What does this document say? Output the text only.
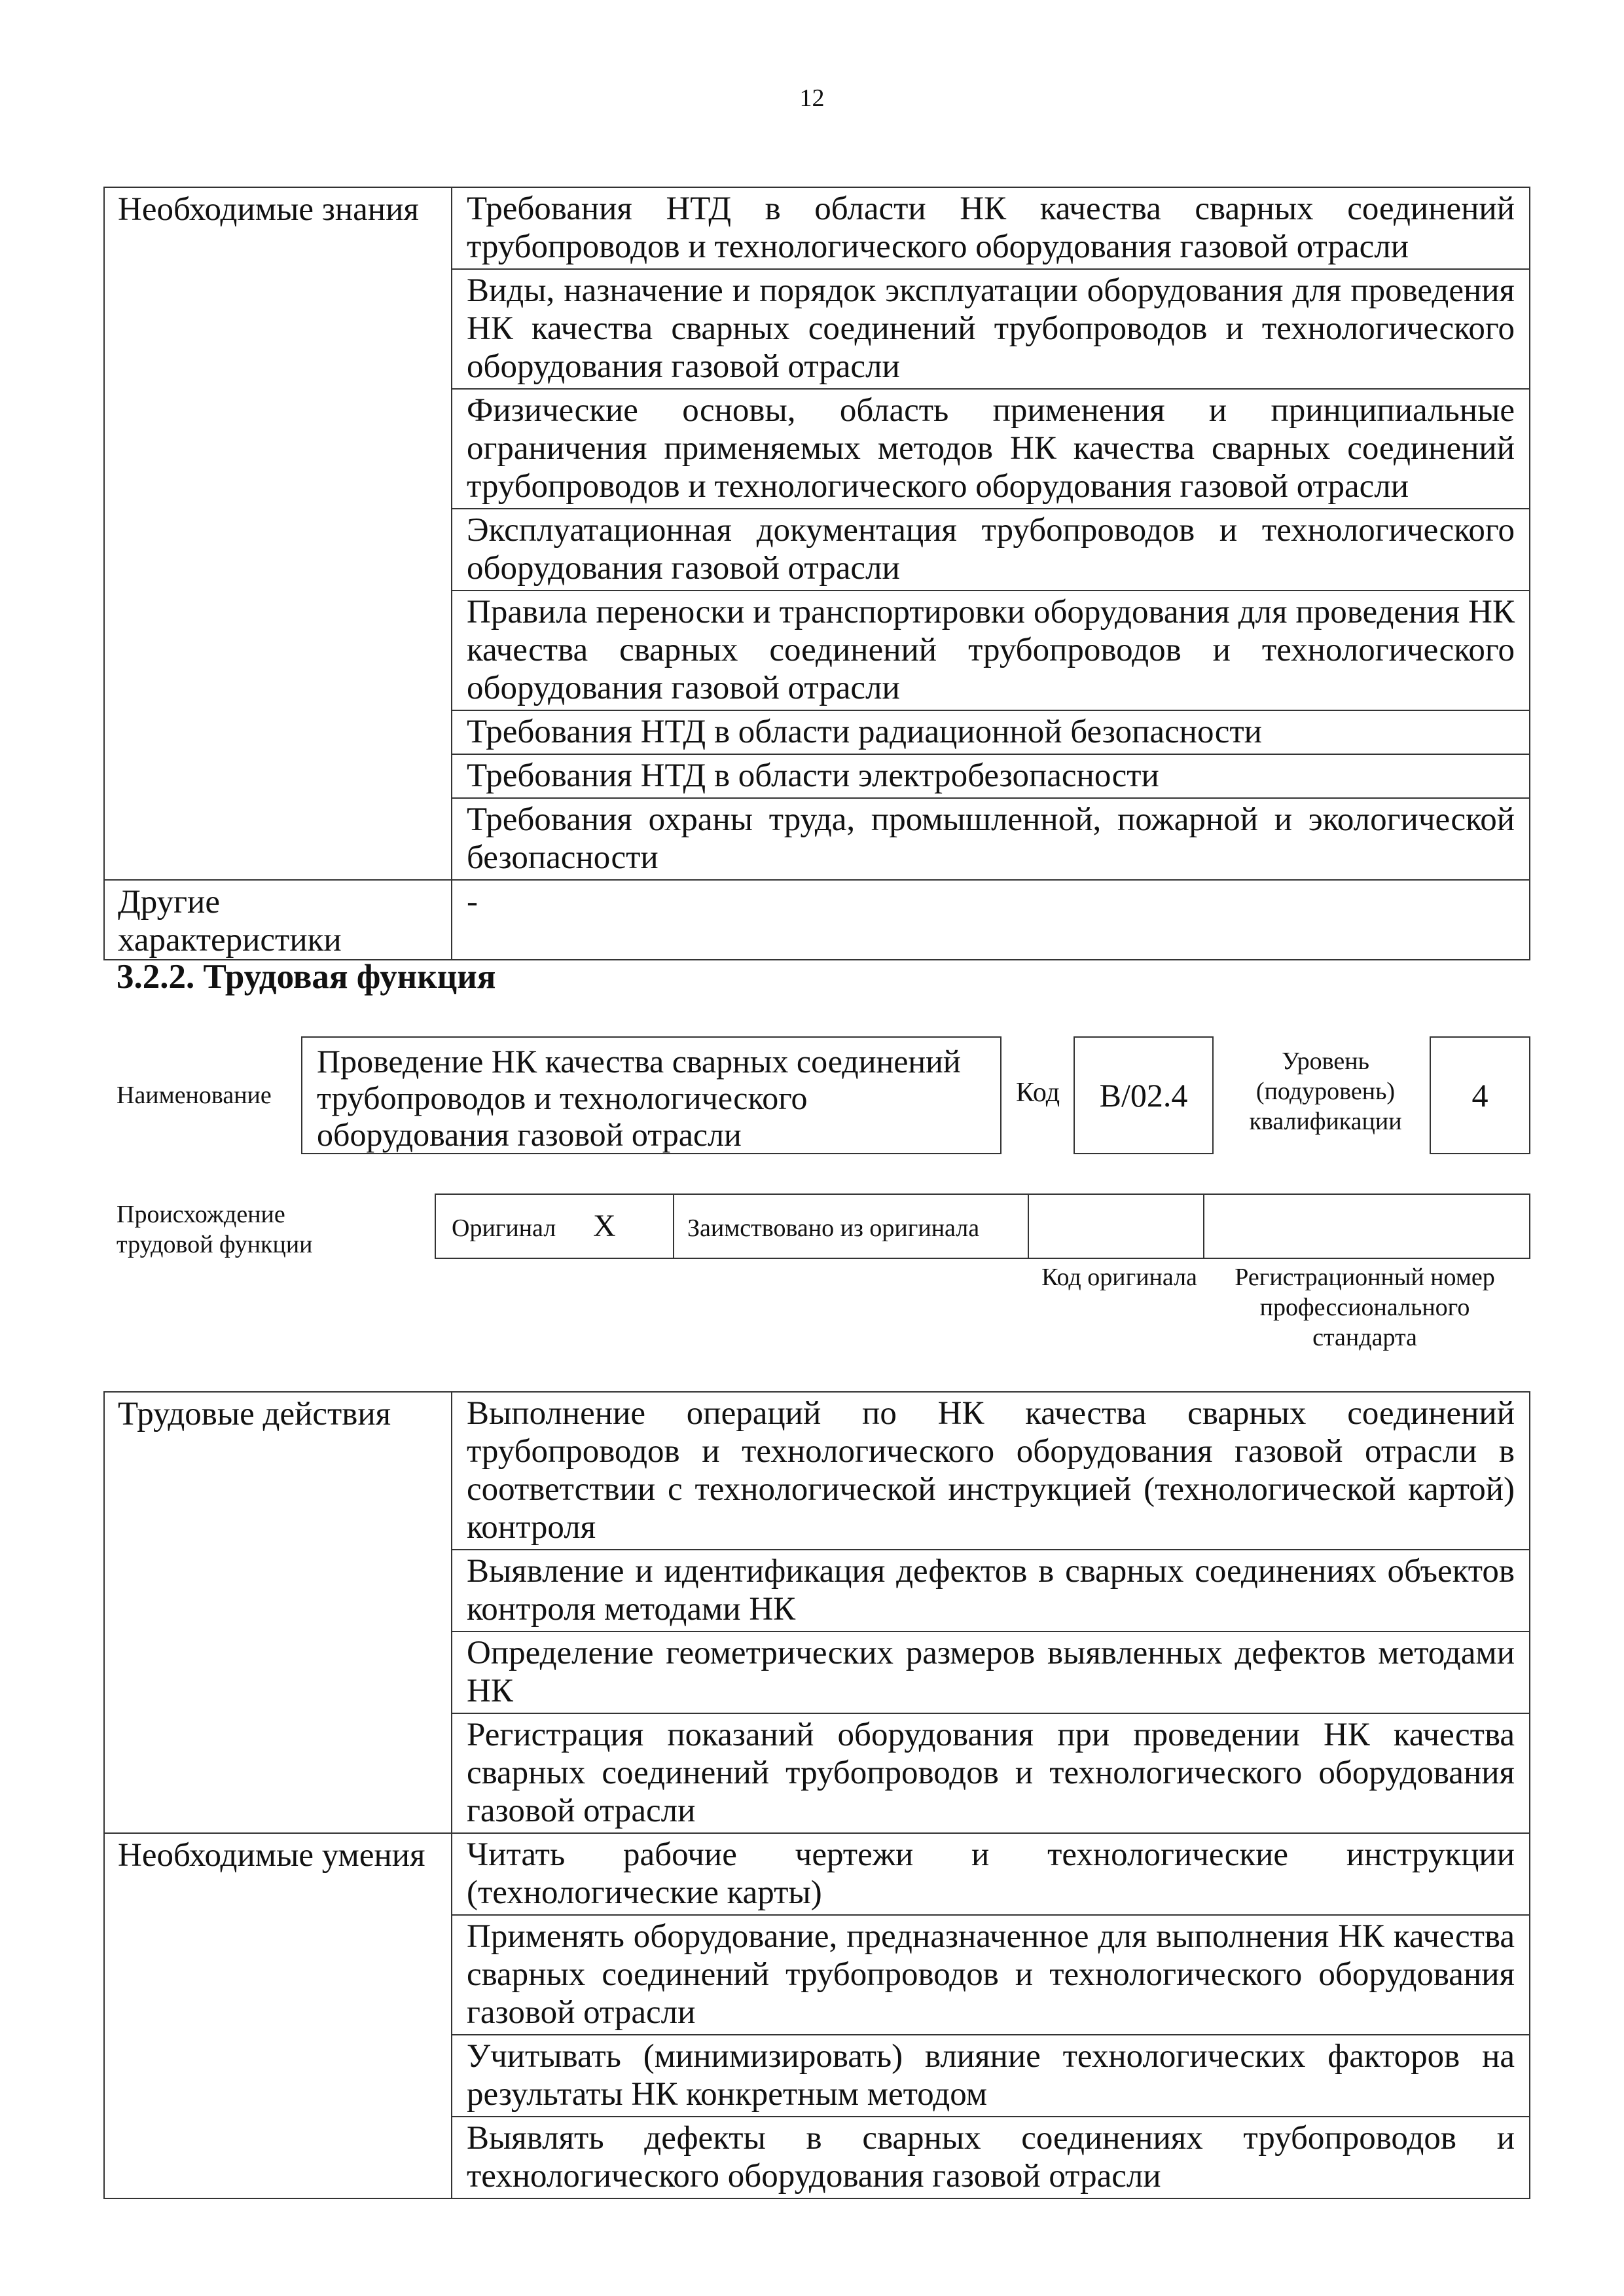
12
Необходимые знания	Требования НТД в области НК качества сварных соединений трубопроводов и технологического оборудования газовой отрасли
	Виды, назначение и порядок эксплуатации оборудования для проведения НК качества сварных соединений трубопроводов и технологического оборудования газовой отрасли
	Физические основы, область применения и принципиальные ограничения применяемых методов НК качества сварных соединений трубопроводов и технологического оборудования газовой отрасли
	Эксплуатационная документация трубопроводов и технологического оборудования газовой отрасли
	Правила переноски и транспортировки оборудования для проведения НК качества сварных соединений трубопроводов и технологического оборудования газовой отрасли
	Требования НТД в области радиационной безопасности
	Требования НТД в области электробезопасности
	Требования охраны труда, промышленной, пожарной и экологической безопасности
Другие характеристики	-
3.2.2. Трудовая функция
Наименование
Проведение НК качества сварных соединений трубопроводов и технологического оборудования газовой отрасли
Код B/02.4
Уровень (подуровень) квалификации
4
Происхождение трудовой функции
Оригинал X	Заимствовано из оригинала
Код оригинала	Регистрационный номер профессионального стандарта
Трудовые действия	Выполнение операций по НК качества сварных соединений трубопроводов и технологического оборудования газовой отрасли в соответствии с технологической инструкцией (технологической картой) контроля
	Выявление и идентификация дефектов в сварных соединениях объектов контроля методами НК
	Определение геометрических размеров выявленных дефектов методами НК
	Регистрация показаний оборудования при проведении НК качества сварных соединений трубопроводов и технологического оборудования газовой отрасли
Необходимые умения	Читать рабочие чертежи и технологические инструкции (технологические карты)
	Применять оборудование, предназначенное для выполнения НК качества сварных соединений трубопроводов и технологического оборудования газовой отрасли
	Учитывать (минимизировать) влияние технологических факторов на результаты НК конкретным методом
	Выявлять дефекты в сварных соединениях трубопроводов и технологического оборудования газовой отрасли
